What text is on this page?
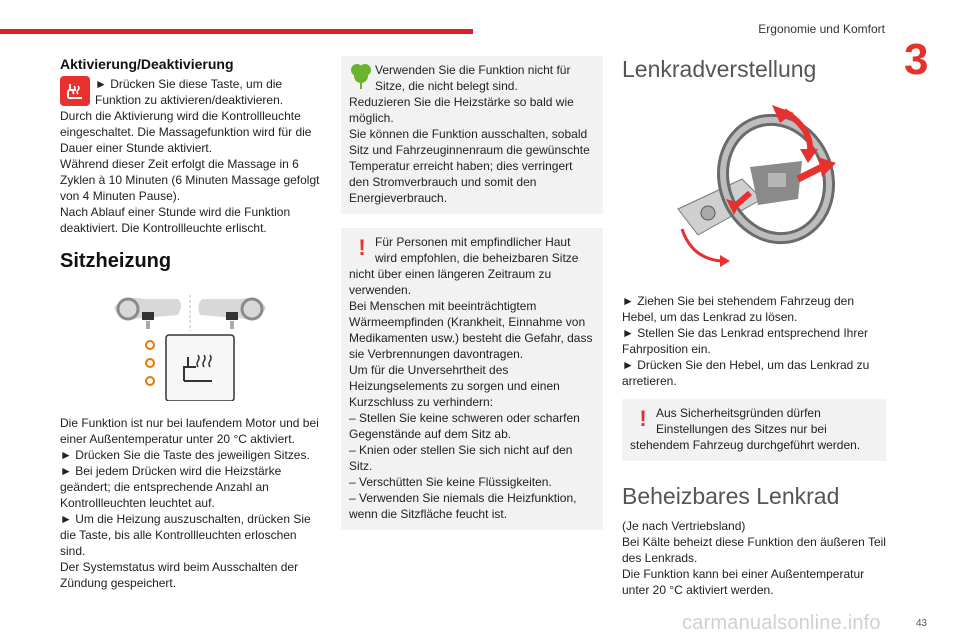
Ergonomie und Komfort
3
Aktivierung/Deaktivierung

► Drücken Sie diese Taste, um die Funktion zu aktivieren/deaktivieren.

Durch die Aktivierung wird die Kontrollleuchte eingeschaltet. Die Massagefunktion wird für die Dauer einer Stunde aktiviert.

Während dieser Zeit erfolgt die Massage in 6 Zyklen à 10 Minuten (6 Minuten Massage gefolgt von 4 Minuten Pause).

Nach Ablauf einer Stunde wird die Funktion deaktiviert. Die Kontrollleuchte erlischt.

Sitzheizung

Die Funktion ist nur bei laufendem Motor und bei einer Außentemperatur unter 20 °C aktiviert.

► Drücken Sie die Taste des jeweiligen Sitzes.

► Bei jedem Drücken wird die Heizstärke geändert; die entsprechende Anzahl an Kontrollleuchten leuchtet auf.

► Um die Heizung auszuschalten, drücken Sie die Taste, bis alle Kontrollleuchten erloschen sind.

Der Systemstatus wird beim Ausschalten der Zündung gespeichert.

Verwenden Sie die Funktion nicht für Sitze, die nicht belegt sind.
Reduzieren Sie die Heizstärke so bald wie möglich.
Sie können die Funktion ausschalten, sobald Sitz und Fahrzeuginnenraum die gewünschte Temperatur erreicht haben; dies verringert den Stromverbrauch und somit den Energieverbrauch.
! Für Personen mit empfindlicher Haut wird empfohlen, die beheizbaren Sitze nicht über einen längeren Zeitraum zu verwenden.
Bei Menschen mit beeinträchtigtem Wärmeempfinden (Krankheit, Einnahme von Medikamenten usw.) besteht die Gefahr, dass sie Verbrennungen davontragen.
Um für die Unversehrtheit des Heizungselements zu sorgen und einen Kurzschluss zu verhindern:
– Stellen Sie keine schweren oder scharfen Gegenstände auf dem Sitz ab.
– Knien oder stellen Sie sich nicht auf den Sitz.
– Verschütten Sie keine Flüssigkeiten.
– Verwenden Sie niemals die Heizfunktion, wenn die Sitzfläche feucht ist.
Lenkradverstellung

► Ziehen Sie bei stehendem Fahrzeug den Hebel, um das Lenkrad zu lösen.

► Stellen Sie das Lenkrad entsprechend Ihrer Fahrposition ein.

► Drücken Sie den Hebel, um das Lenkrad zu arretieren.

! Aus Sicherheitsgründen dürfen Einstellungen des Sitzes nur bei stehendem Fahrzeug durchgeführt werden.
Beheizbares Lenkrad

(Je nach Vertriebsland)

Bei Kälte beheizt diese Funktion den äußeren Teil des Lenkrads.

Die Funktion kann bei einer Außentemperatur unter 20 °C aktiviert werden.

carmanualsonline.info	43
